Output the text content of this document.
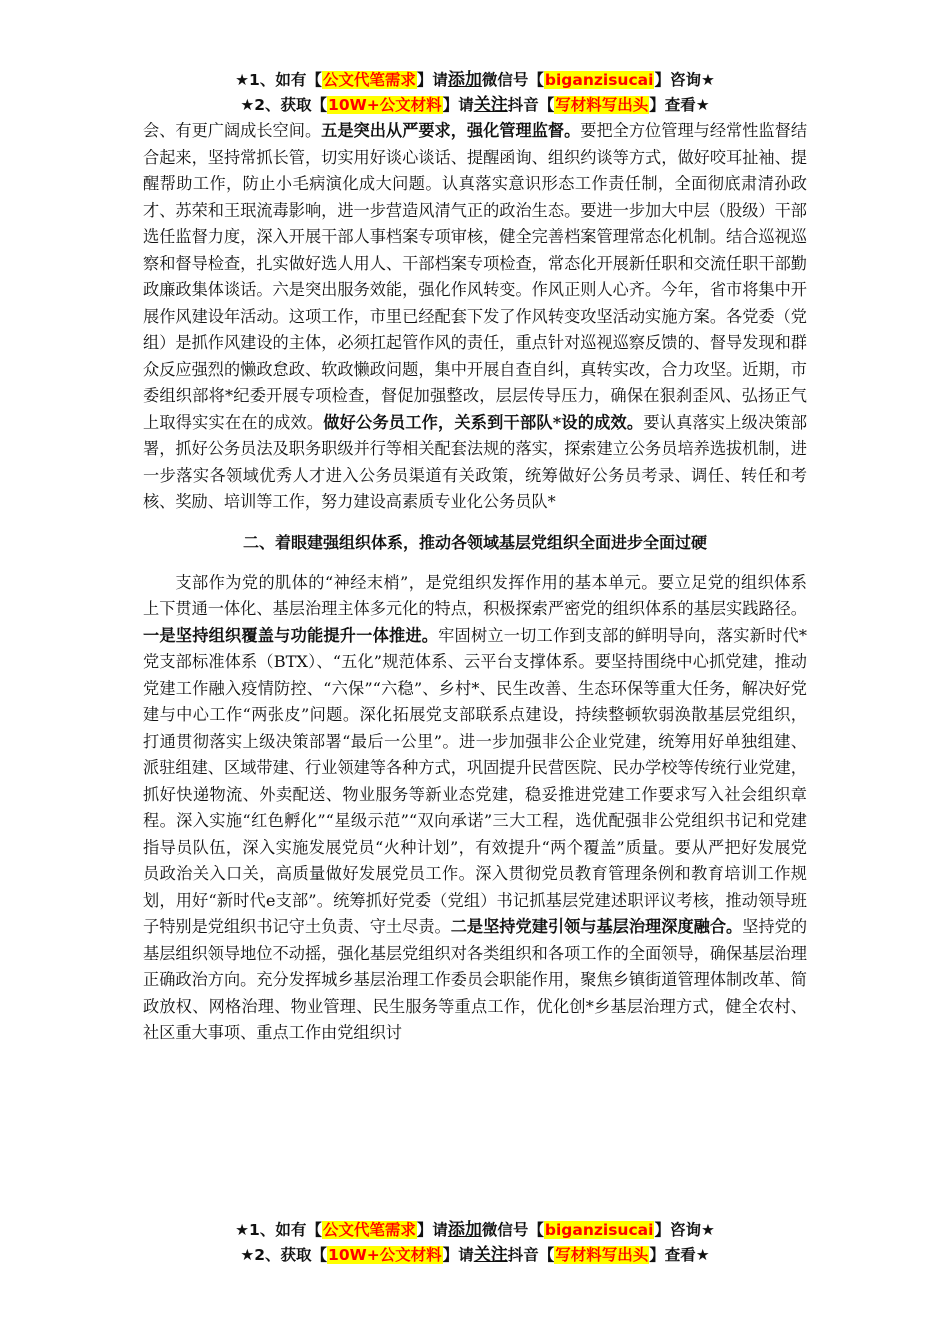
★1、如有【公文代笔需求】请添加微信号【biganzisucai】咨询★
★2、获取【10W+公文材料】请关注抖音【写材料写出头】查看★

会、有更广阔成长空间。五是突出从严要求，强化管理监督。要把全方位管理与经常性监督结合起来，坚持常抓长管，切实用好谈心谈话、提醒函询、组织约谈等方式，做好咬耳扯袖、提醒帮助工作，防止小毛病演化成大问题。认真落实意识形态工作责任制，全面彻底肃清孙政才、苏荣和王珉流毒影响，进一步营造风清气正的政治生态。要进一步加大中层（股级）干部选任监督力度，深入开展干部人事档案专项审核，健全完善档案管理常态化机制。结合巡视巡察和督导检查，扎实做好选人用人、干部档案专项检查，常态化开展新任职和交流任职干部勤政廉政集体谈话。六是突出服务效能，强化作风转变。作风正则人心齐。今年，省市将集中开展作风建设年活动。这项工作，市里已经配套下发了作风转变攻坚活动实施方案。各党委（党组）是抓作风建设的主体，必须扛起管作风的责任，重点针对巡视巡察反馈的、督导发现和群众反应强烈的懒政怠政、软政懒政问题，集中开展自查自纠，真转实改，合力攻坚。近期，市委组织部将*纪委开展专项检查，督促加强整改，层层传导压力，确保在狠刹歪风、弘扬正气上取得实实在在的成效。做好公务员工作，关系到干部队*设的成效。要认真落实上级决策部署，抓好公务员法及职务职级并行等相关配套法规的落实，探索建立公务员培养选拔机制，进一步落实各领域优秀人才进入公务员渠道有关政策，统筹做好公务员考录、调任、转任和考核、奖励、培训等工作，努力建设高素质专业化公务员队*

二、着眼建强组织体系，推动各领域基层党组织全面进步全面过硬

支部作为党的肌体的“神经末梢”，是党组织发挥作用的基本单元。要立足党的组织体系上下贯通一体化、基层治理主体多元化的特点，积极探索严密党的组织体系的基层实践路径。一是坚持组织覆盖与功能提升一体推进。牢固树立一切工作到支部的鲜明导向，落实新时代*党支部标准体系（BTX）、“五化”规范体系、云平台支撑体系。要坚持围绕中心抓党建，推动党建工作融入疫情防控、“六保”“六稳”、乡村*、民生改善、生态环保等重大任务，解决好党建与中心工作“两张皮”问题。深化拓展党支部联系点建设，持续整顿软弱涣散基层党组织，打通贯彻落实上级决策部署“最后一公里”。进一步加强非公企业党建，统筹用好单独组建、派驻组建、区域带建、行业领建等各种方式，巩固提升民营医院、民办学校等传统行业党建，抓好快递物流、外卖配送、物业服务等新业态党建，稳妥推进党建工作要求写入社会组织章程。深入实施“红色孵化”“星级示范”“双向承诺”三大工程，选优配强非公党组织书记和党建指导员队伍，深入实施发展党员“火种计划”，有效提升“两个覆盖”质量。要从严把好发展党员政治关入口关，高质量做好发展党员工作。深入贯彻党员教育管理条例和教育培训工作规划，用好“新时代e支部”。统筹抓好党委（党组）书记抓基层党建述职评议考核，推动领导班子特别是党组织书记守土负责、守土尽责。二是坚持党建引领与基层治理深度融合。坚持党的基层组织领导地位不动摇，强化基层党组织对各类组织和各项工作的全面领导，确保基层治理正确政治方向。充分发挥城乡基层治理工作委员会职能作用，聚焦乡镇街道管理体制改革、简政放权、网格治理、物业管理、民生服务等重点工作，优化创*乡基层治理方式，健全农村、社区重大事项、重点工作由党组织讨

★1、如有【公文代笔需求】请添加微信号【biganzisucai】咨询★
★2、获取【10W+公文材料】请关注抖音【写材料写出头】查看★
